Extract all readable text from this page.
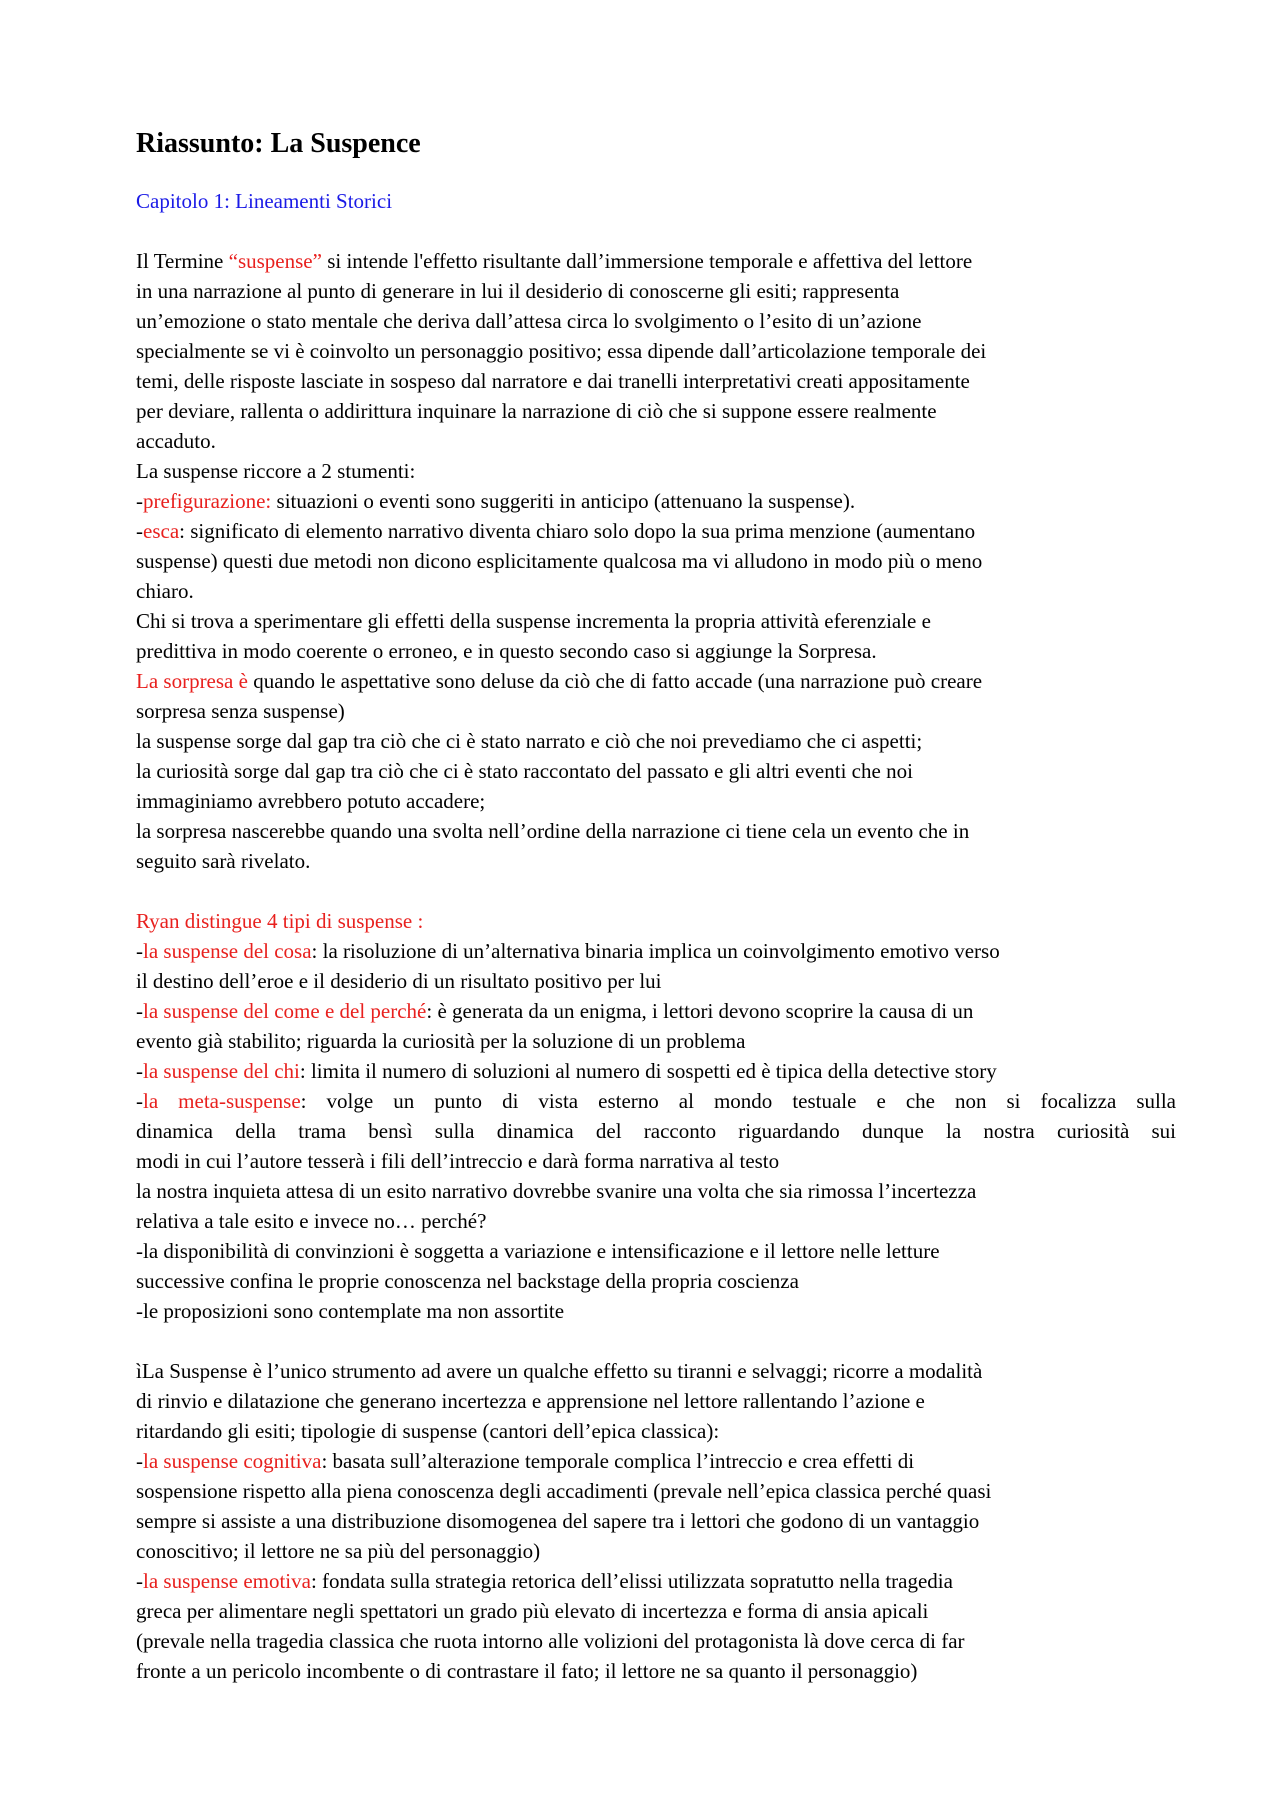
Riassunto: La Suspence
Capitolo 1: Lineamenti Storici
Il Termine “suspense” si intende l'effetto risultante dall’immersione temporale e affettiva del lettore
in una narrazione al punto di generare in lui il desiderio di conoscerne gli esiti; rappresenta
un’emozione o stato mentale che deriva dall’attesa circa lo svolgimento o l’esito di un’azione
specialmente se vi è coinvolto un personaggio positivo; essa dipende dall’articolazione temporale dei
temi, delle risposte lasciate in sospeso dal narratore e dai tranelli interpretativi creati appositamente
per deviare, rallenta o addirittura inquinare la narrazione di ciò che si suppone essere realmente
accaduto.
La suspense riccore a 2 stumenti:
-prefigurazione: situazioni o eventi sono suggeriti in anticipo (attenuano la suspense).
-esca: significato di elemento narrativo diventa chiaro solo dopo la sua prima menzione (aumentano
suspense) questi due metodi non dicono esplicitamente qualcosa ma vi alludono in modo più o meno
chiaro.
Chi si trova a sperimentare gli effetti della suspense incrementa la propria attività eferenziale e
predittiva in modo coerente o erroneo, e in questo secondo caso si aggiunge la Sorpresa.
La sorpresa è quando le aspettative sono deluse da ciò che di fatto accade (una narrazione può creare
sorpresa senza suspense)
la suspense sorge dal gap tra ciò che ci è stato narrato e ciò che noi prevediamo che ci aspetti;
la curiosità sorge dal gap tra ciò che ci è stato raccontato del passato e gli altri eventi che noi
immaginiamo avrebbero potuto accadere;
la sorpresa nascerebbe quando una svolta nell’ordine della narrazione ci tiene cela un evento che in
seguito sarà rivelato.
Ryan distingue 4 tipi di suspense :
-la suspense del cosa: la risoluzione di un’alternativa binaria implica un coinvolgimento emotivo verso
il destino dell’eroe e il desiderio di un risultato positivo per lui
-la suspense del come e del perché: è generata da un enigma, i lettori devono scoprire la causa di un
evento già stabilito; riguarda la curiosità per la soluzione di un problema
-la suspense del chi: limita il numero di soluzioni al numero di sospetti ed è tipica della detective story
-la meta-suspense: volge un punto di vista esterno al mondo testuale e che non si focalizza sulla
dinamica della trama bensì sulla dinamica del racconto riguardando dunque la nostra curiosità sui
modi in cui l’autore tesserà i fili dell’intreccio e darà forma narrativa al testo
la nostra inquieta attesa di un esito narrativo dovrebbe svanire una volta che sia rimossa l’incertezza
relativa a tale esito e invece no… perché?
-la disponibilità di convinzioni è soggetta a variazione e intensificazione e il lettore nelle letture
successive confina le proprie conoscenza nel backstage della propria coscienza
-le proposizioni sono contemplate ma non assortite
ìLa Suspense è l’unico strumento ad avere un qualche effetto su tiranni e selvaggi; ricorre a modalità
di rinvio e dilatazione che generano incertezza e apprensione nel lettore rallentando l’azione e
ritardando gli esiti; tipologie di suspense (cantori dell’epica classica):
-la suspense cognitiva: basata sull’alterazione temporale complica l’intreccio e crea effetti di
sospensione rispetto alla piena conoscenza degli accadimenti (prevale nell’epica classica perché quasi
sempre si assiste a una distribuzione disomogenea del sapere tra i lettori che godono di un vantaggio
conoscitivo; il lettore ne sa più del personaggio)
-la suspense emotiva: fondata sulla strategia retorica dell’elissi utilizzata sopratutto nella tragedia
greca per alimentare negli spettatori un grado più elevato di incertezza e forma di ansia apicali
(prevale nella tragedia classica che ruota intorno alle volizioni del protagonista là dove cerca di far
fronte a un pericolo incombente o di contrastare il fato; il lettore ne sa quanto il personaggio)
